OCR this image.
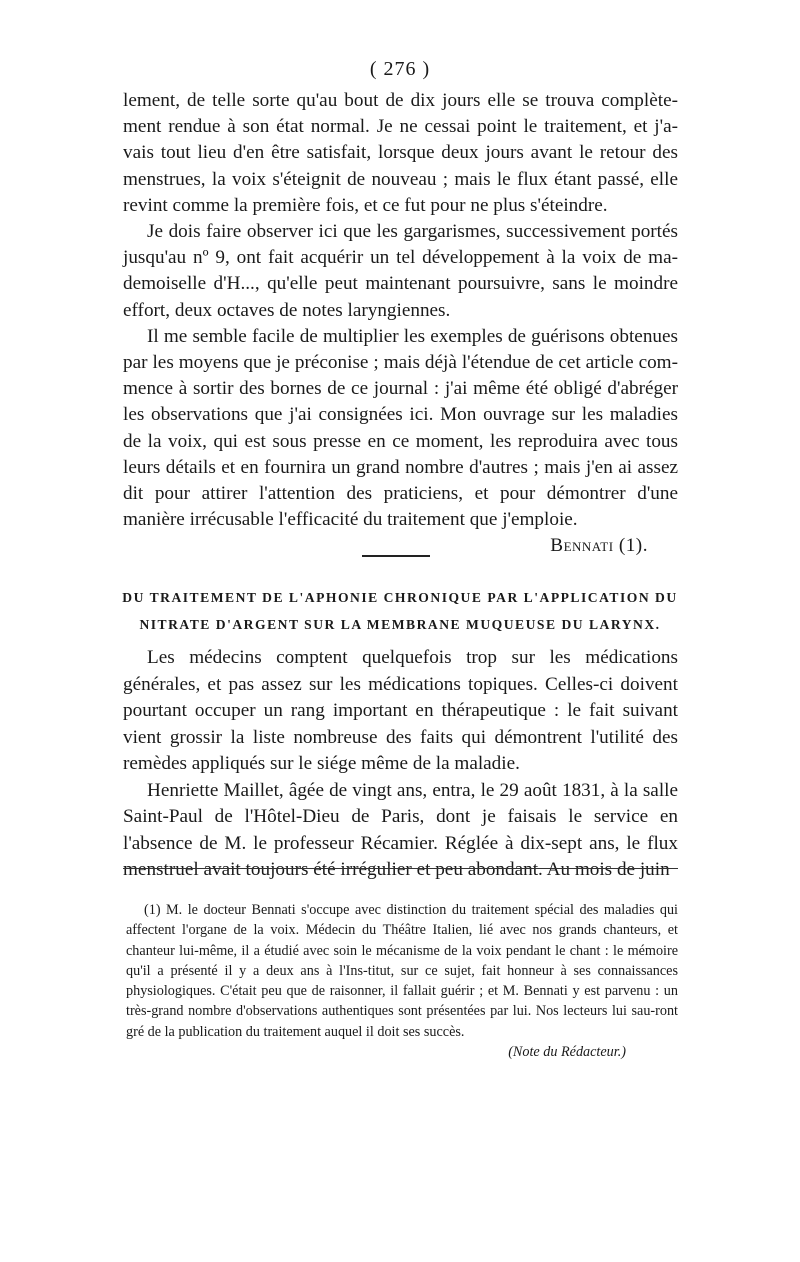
( 276 )

lement, de telle sorte qu'au bout de dix jours elle se trouva complète-ment rendue à son état normal. Je ne cessai point le traitement, et j'a-vais tout lieu d'en être satisfait, lorsque deux jours avant le retour des menstrues, la voix s'éteignit de nouveau ; mais le flux étant passé, elle revint comme la première fois, et ce fut pour ne plus s'éteindre.

Je dois faire observer ici que les gargarismes, successivement portés jusqu'au nº 9, ont fait acquérir un tel développement à la voix de ma-demoiselle d'H..., qu'elle peut maintenant poursuivre, sans le moindre effort, deux octaves de notes laryngiennes.

Il me semble facile de multiplier les exemples de guérisons obtenues par les moyens que je préconise ; mais déjà l'étendue de cet article com-mence à sortir des bornes de ce journal : j'ai même été obligé d'abréger les observations que j'ai consignées ici. Mon ouvrage sur les maladies de la voix, qui est sous presse en ce moment, les reproduira avec tous leurs détails et en fournira un grand nombre d'autres ; mais j'en ai assez dit pour attirer l'attention des praticiens, et pour démontrer d'une manière irrécusable l'efficacité du traitement que j'emploie.

Bennati (1).

DU TRAITEMENT DE L'APHONIE CHRONIQUE PAR L'APPLICATION DU NITRATE D'ARGENT SUR LA MEMBRANE MUQUEUSE DU LARYNX.

Les médecins comptent quelquefois trop sur les médications générales, et pas assez sur les médications topiques. Celles-ci doivent pourtant occuper un rang important en thérapeutique : le fait suivant vient grossir la liste nombreuse des faits qui démontrent l'utilité des remèdes appliqués sur le siége même de la maladie.

Henriette Maillet, âgée de vingt ans, entra, le 29 août 1831, à la salle Saint-Paul de l'Hôtel-Dieu de Paris, dont je faisais le service en l'absence de M. le professeur Récamier. Réglée à dix-sept ans, le flux menstruel avait toujours été irrégulier et peu abondant. Au mois de juin

(1) M. le docteur Bennati s'occupe avec distinction du traitement spécial des maladies qui affectent l'organe de la voix. Médecin du Théâtre Italien, lié avec nos grands chanteurs, et chanteur lui-même, il a étudié avec soin le mécanisme de la voix pendant le chant : le mémoire qu'il a présenté il y a deux ans à l'Ins-titut, sur ce sujet, fait honneur à ses connaissances physiologiques. C'était peu que de raisonner, il fallait guérir ; et M. Bennati y est parvenu : un très-grand nombre d'observations authentiques sont présentées par lui. Nos lecteurs lui sau-ront gré de la publication du traitement auquel il doit ses succès.

(Note du Rédacteur.)
